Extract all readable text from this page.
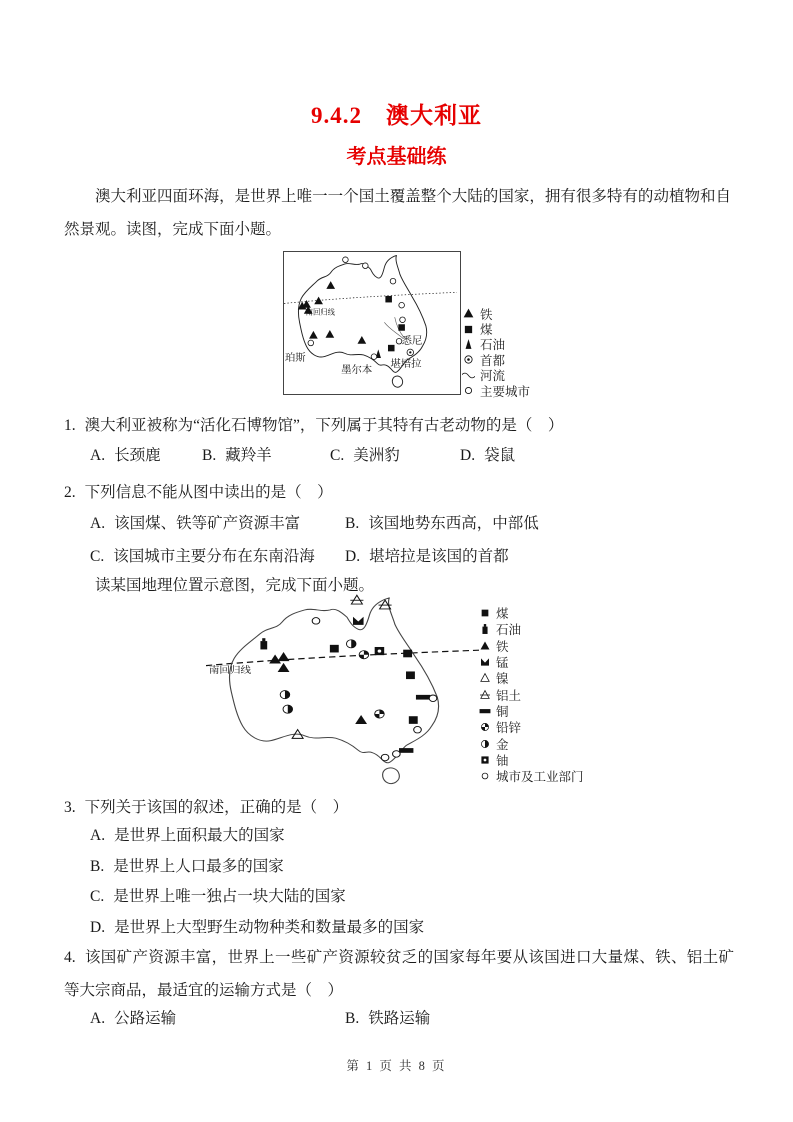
9.4.2　澳大利亚
考点基础练
澳大利亚四面环海，是世界上唯一一个国土覆盖整个大陆的国家，拥有很多特有的动植物和自然景观。读图，完成下面小题。
南回归线
珀斯
墨尔本
悉尼
堪培拉
铁
煤
石油
首都
河流
主要城市
1. 澳大利亚被称为“活化石博物馆”，下列属于其特有古老动物的是（　）
A. 长颈鹿	B. 藏羚羊	C. 美洲豹	D. 袋鼠
2. 下列信息不能从图中读出的是（　）
A. 该国煤、铁等矿产资源丰富	B. 该国地势东西高，中部低
C. 该国城市主要分布在东南沿海 D. 堪培拉是该国的首都
读某国地理位置示意图，完成下面小题。
南回归线
煤
石油
铁
锰
镍
铝土
铜
铅锌
金
铀
城市及工业部门
3. 下列关于该国的叙述，正确的是（　）
A. 是世界上面积最大的国家
B. 是世界上人口最多的国家
C. 是世界上唯一独占一块大陆的国家
D. 是世界上大型野生动物种类和数量最多的国家
4. 该国矿产资源丰富，世界上一些矿产资源较贫乏的国家每年要从该国进口大量煤、铁、铝土矿等大宗商品，最适宜的运输方式是（　）
A. 公路运输	B. 铁路运输
第 1 页 共 8 页
